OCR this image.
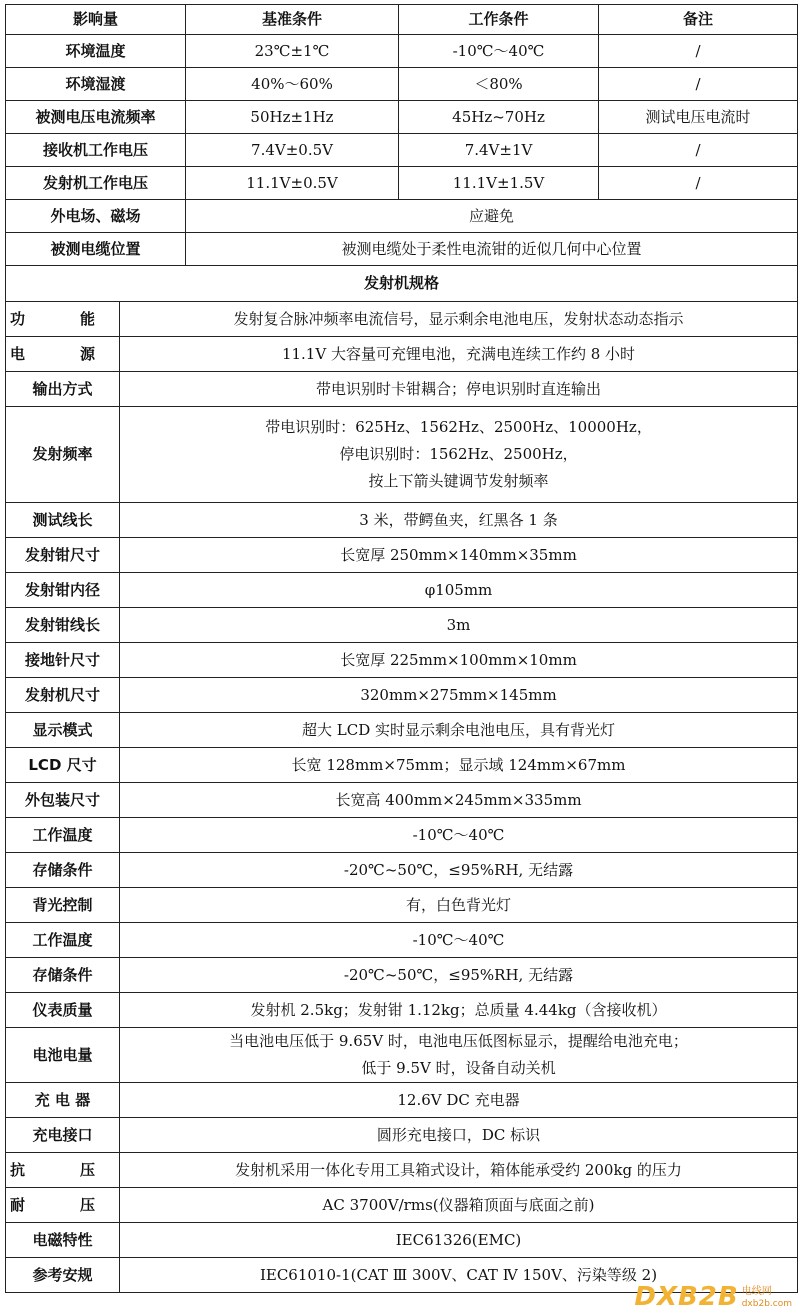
影响量		基准条件	工作条件	备注
环境温度		23℃±1℃	-10℃～40℃	/
环境湿渡		40%～60%	＜80%	/
被测电压电流频率		50Hz±1Hz	45Hz~70Hz	测试电压电流时
接收机工作电压		7.4V±0.5V	7.4V±1V	/
发射机工作电压		11.1V±0.5V	11.1V±1.5V	/
外电场、磁场		应避免		
被测电缆位置		被测电缆处于柔性电流钳的近似几何中心位置		
发射机规格				
功　能	发射复合脉冲频率电流信号，显示剩余电池电压，发射状态动态指示			

电　源	11.1V 大容量可充锂电池，充满电连续工作约 8 小时			

输出方式	带电识别时卡钳耦合；停电识别时直连输出			

发射频率	带电识别时：625Hz、1562Hz、2500Hz、10000Hz，
停电识别时：1562Hz、2500Hz，
按上下箭头键调节发射频率			

测试线长	3 米，带鳄鱼夹，红黑各 1 条			

发射钳尺寸	长宽厚 250mm×140mm×35mm			

发射钳内径	φ105mm			

发射钳线长	3m			

接地针尺寸	长宽厚 225mm×100mm×10mm			

发射机尺寸	320mm×275mm×145mm			

显示模式	超大 LCD 实时显示剩余电池电压，具有背光灯			

LCD 尺寸	长宽 128mm×75mm；显示域 124mm×67mm			

外包装尺寸	长宽高 400mm×245mm×335mm			

工作温度	-10℃～40℃			

存储条件	-20℃~50℃，≤95%RH, 无结露			

背光控制	有，白色背光灯			

工作温度	-10℃～40℃			

存储条件	-20℃~50℃，≤95%RH, 无结露			

仪表质量	发射机 2.5kg；发射钳 1.12kg；总质量 4.44kg（含接收机）			

电池电量	当电池电压低于 9.65V 时，电池电压低图标显示，提醒给电池充电；
低于 9.5V 时，设备自动关机			

充 电 器	12.6V DC 充电器			

充电接口	圆形充电接口，DC 标识			

抗　压	发射机采用一体化专用工具箱式设计，箱体能承受约 200kg 的压力			

耐　压	AC 3700V/rms(仪器箱顶面与底面之前)			

电磁特性	IEC61326(EMC)			

参考安规	IEC61010-1(CAT Ⅲ 300V、CAT Ⅳ 150V、污染等级 2)			
DXB2B 电线网
dxb2b.com
